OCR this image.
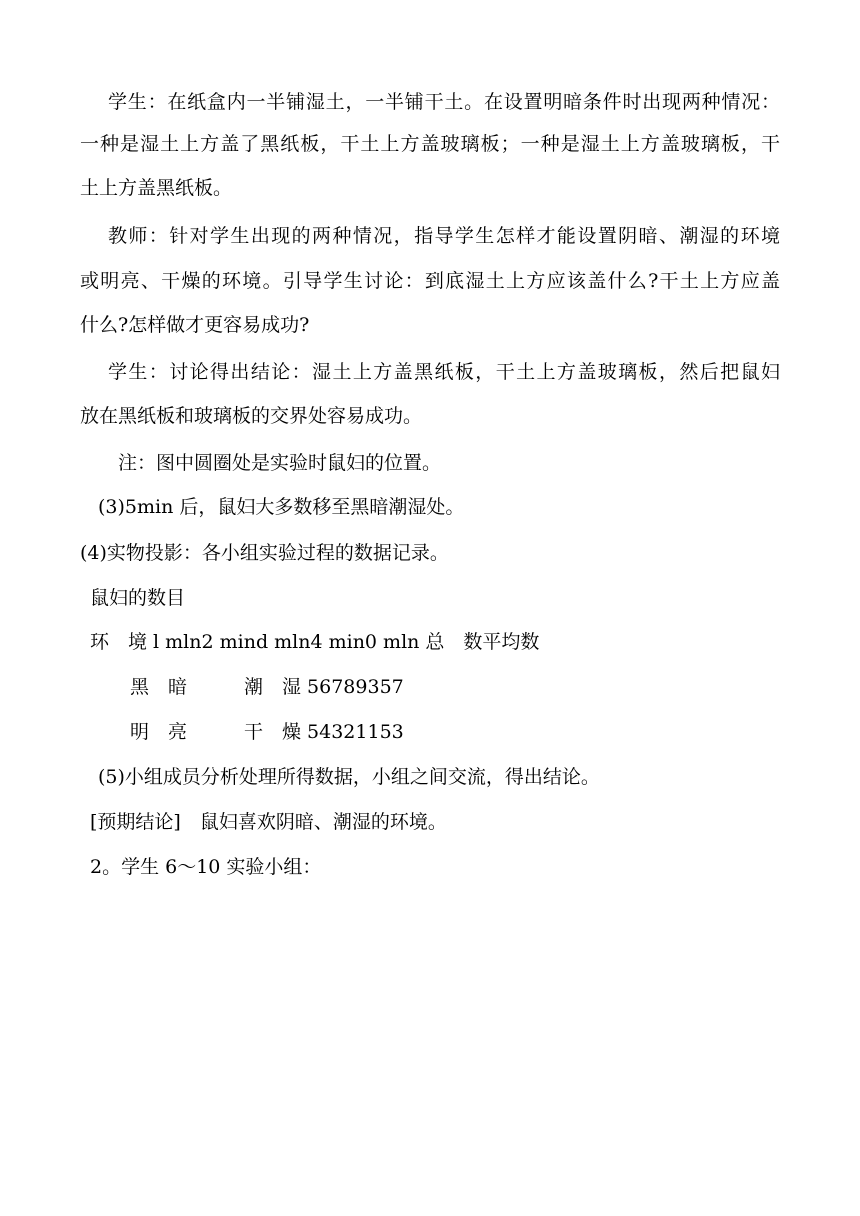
学生：在纸盒内一半铺湿土，一半铺干土。在设置明暗条件时出现两种情况：
一种是湿土上方盖了黑纸板，干土上方盖玻璃板；一种是湿土上方盖玻璃板，干
土上方盖黑纸板。
教师：针对学生出现的两种情况，指导学生怎样才能设置阴暗、潮湿的环境
或明亮、干燥的环境。引导学生讨论：到底湿土上方应该盖什么?干土上方应盖
什么?怎样做才更容易成功?
学生：讨论得出结论：湿土上方盖黑纸板，干土上方盖玻璃板，然后把鼠妇
放在黑纸板和玻璃板的交界处容易成功。
注：图中圆圈处是实验时鼠妇的位置。
(3)5min 后，鼠妇大多数移至黑暗潮湿处。
(4)实物投影：各小组实验过程的数据记录。
鼠妇的数目
环　境 l mln2 mind mln4 min0 mln 总　数平均数
黑　暗　　　潮　湿 56789357
明　亮　　　干　燥 54321153
(5)小组成员分析处理所得数据，小组之间交流，得出结论。
[预期结论]　鼠妇喜欢阴暗、潮湿的环境。
2。学生 6～10 实验小组：
